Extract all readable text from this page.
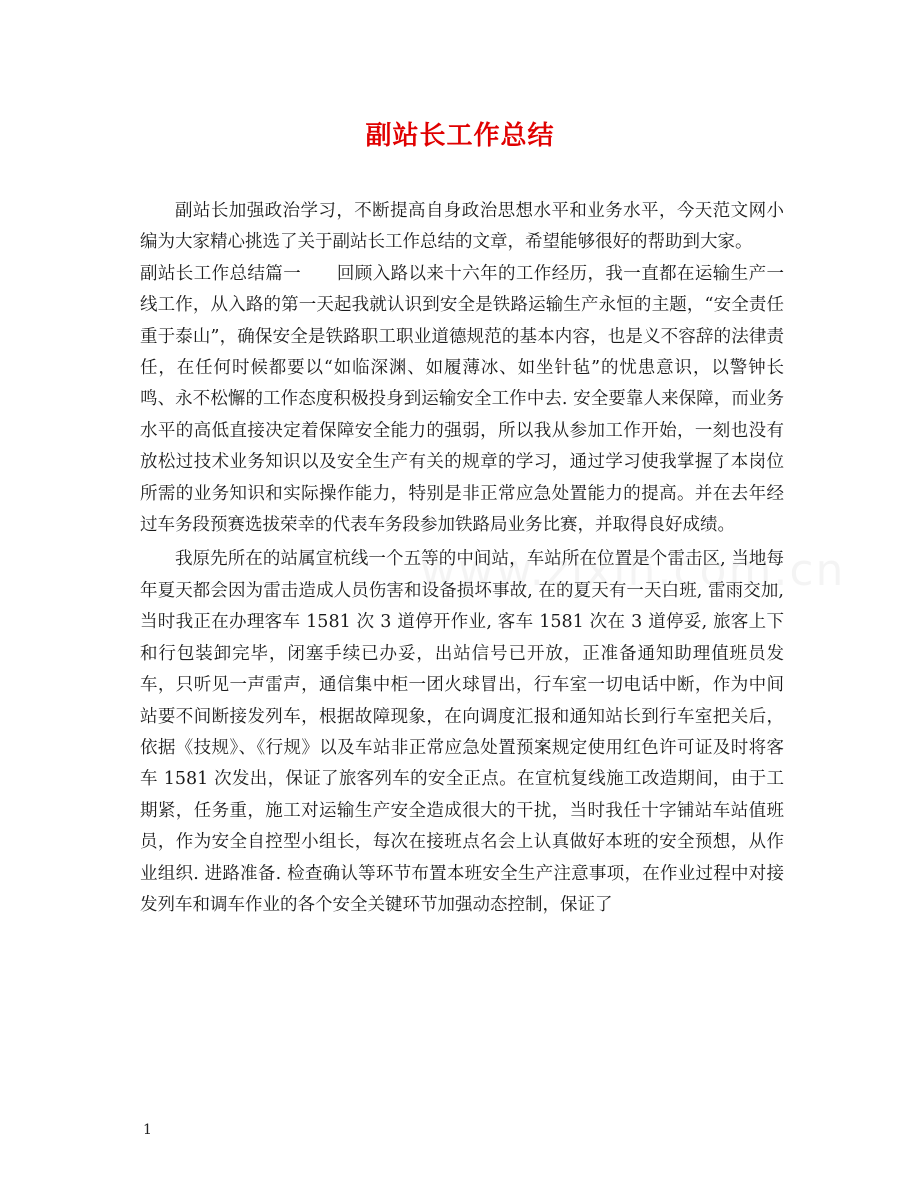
副站长工作总结

副站长加强政治学习，不断提高自身政治思想水平和业务水平，今天范文网小编为大家精心挑选了关于副站长工作总结的文章，希望能够很好的帮助到大家。

副站长工作总结篇一　　回顾入路以来十六年的工作经历，我一直都在运输生产一线工作，从入路的第一天起我就认识到安全是铁路运输生产永恒的主题，“安全责任重于泰山”，确保安全是铁路职工职业道德规范的基本内容，也是义不容辞的法律责任，在任何时候都要以“如临深渊、如履薄冰、如坐针毡”的忧患意识，以警钟长鸣、永不松懈的工作态度积极投身到运输安全工作中去. 安全要靠人来保障，而业务水平的高低直接决定着保障安全能力的强弱，所以我从参加工作开始，一刻也没有放松过技术业务知识以及安全生产有关的规章的学习，通过学习使我掌握了本岗位所需的业务知识和实际操作能力，特别是非正常应急处置能力的提高。并在去年经过车务段预赛选拔荣幸的代表车务段参加铁路局业务比赛，并取得良好成绩。

我原先所在的站属宣杭线一个五等的中间站，车站所在位置是个雷击区, 当地每年夏天都会因为雷击造成人员伤害和设备损坏事故, 在的夏天有一天白班, 雷雨交加, 当时我正在办理客车 1581 次 3 道停开作业, 客车 1581 次在 3 道停妥, 旅客上下和行包装卸完毕，闭塞手续已办妥，出站信号已开放，正准备通知助理值班员发车，只听见一声雷声，通信集中柜一团火球冒出，行车室一切电话中断，作为中间站要不间断接发列车，根据故障现象，在向调度汇报和通知站长到行车室把关后，依据《技规》、《行规》以及车站非正常应急处置预案规定使用红色许可证及时将客车 1581 次发出，保证了旅客列车的安全正点。在宣杭复线施工改造期间，由于工期紧，任务重，施工对运输生产安全造成很大的干扰，当时我任十字铺站车站值班员，作为安全自控型小组长，每次在接班点名会上认真做好本班的安全预想，从作业组织. 进路准备. 检查确认等环节布置本班安全生产注意事项，在作业过程中对接发列车和调车作业的各个安全关键环节加强动态控制，保证了

1
